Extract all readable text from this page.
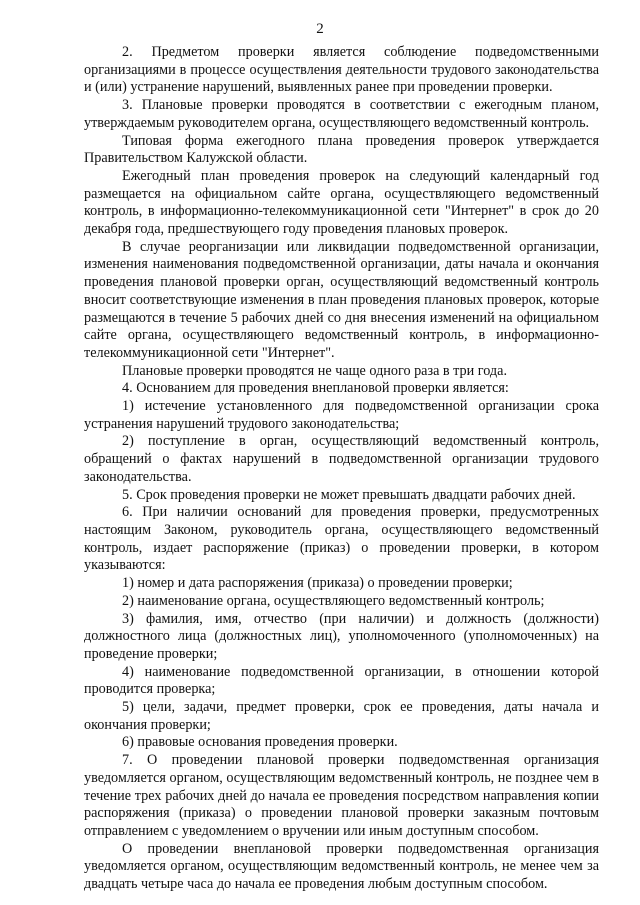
2

2. Предметом проверки является соблюдение подведомственными организациями в процессе осуществления деятельности трудового законодательства и (или) устранение нарушений, выявленных ранее при проведении проверки.

3. Плановые проверки проводятся в соответствии с ежегодным планом, утверждаемым руководителем органа, осуществляющего ведомственный контроль.

Типовая форма ежегодного плана проведения проверок утверждается Правительством Калужской области.

Ежегодный план проведения проверок на следующий календарный год размещается на официальном сайте органа, осуществляющего ведомственный контроль, в информационно-телекоммуникационной сети "Интернет" в срок до 20 декабря года, предшествующего году проведения плановых проверок.

В случае реорганизации или ликвидации подведомственной организации, изменения наименования подведомственной организации, даты начала и окончания проведения плановой проверки орган, осуществляющий ведомственный контроль вносит соответствующие изменения в план проведения плановых проверок, которые размещаются в течение 5 рабочих дней со дня внесения изменений на официальном сайте органа, осуществляющего ведомственный контроль, в информационно-телекоммуникационной сети "Интернет".

Плановые проверки проводятся не чаще одного раза в три года.

4. Основанием для проведения внеплановой проверки является:

1) истечение установленного для подведомственной организации срока устранения нарушений трудового законодательства;

2) поступление в орган, осуществляющий ведомственный контроль, обращений о фактах нарушений в подведомственной организации трудового законодательства.

5. Срок проведения проверки не может превышать двадцати рабочих дней.

6. При наличии оснований для проведения проверки, предусмотренных настоящим Законом, руководитель органа, осуществляющего ведомственный контроль, издает распоряжение (приказ) о проведении проверки, в котором указываются:

1) номер и дата распоряжения (приказа) о проведении проверки;

2) наименование органа, осуществляющего ведомственный контроль;

3) фамилия, имя, отчество (при наличии) и должность (должности) должностного лица (должностных лиц), уполномоченного (уполномоченных) на проведение проверки;

4) наименование подведомственной организации, в отношении которой проводится проверка;

5) цели, задачи, предмет проверки, срок ее проведения, даты начала и окончания проверки;

6) правовые основания проведения проверки.

7. О проведении плановой проверки подведомственная организация уведомляется органом, осуществляющим ведомственный контроль, не позднее чем в течение трех рабочих дней до начала ее проведения посредством направления копии распоряжения (приказа) о проведении плановой проверки заказным почтовым отправлением с уведомлением о вручении или иным доступным способом.

О проведении внеплановой проверки подведомственная организация уведомляется органом, осуществляющим ведомственный контроль, не менее чем за двадцать четыре часа до начала ее проведения любым доступным способом.
